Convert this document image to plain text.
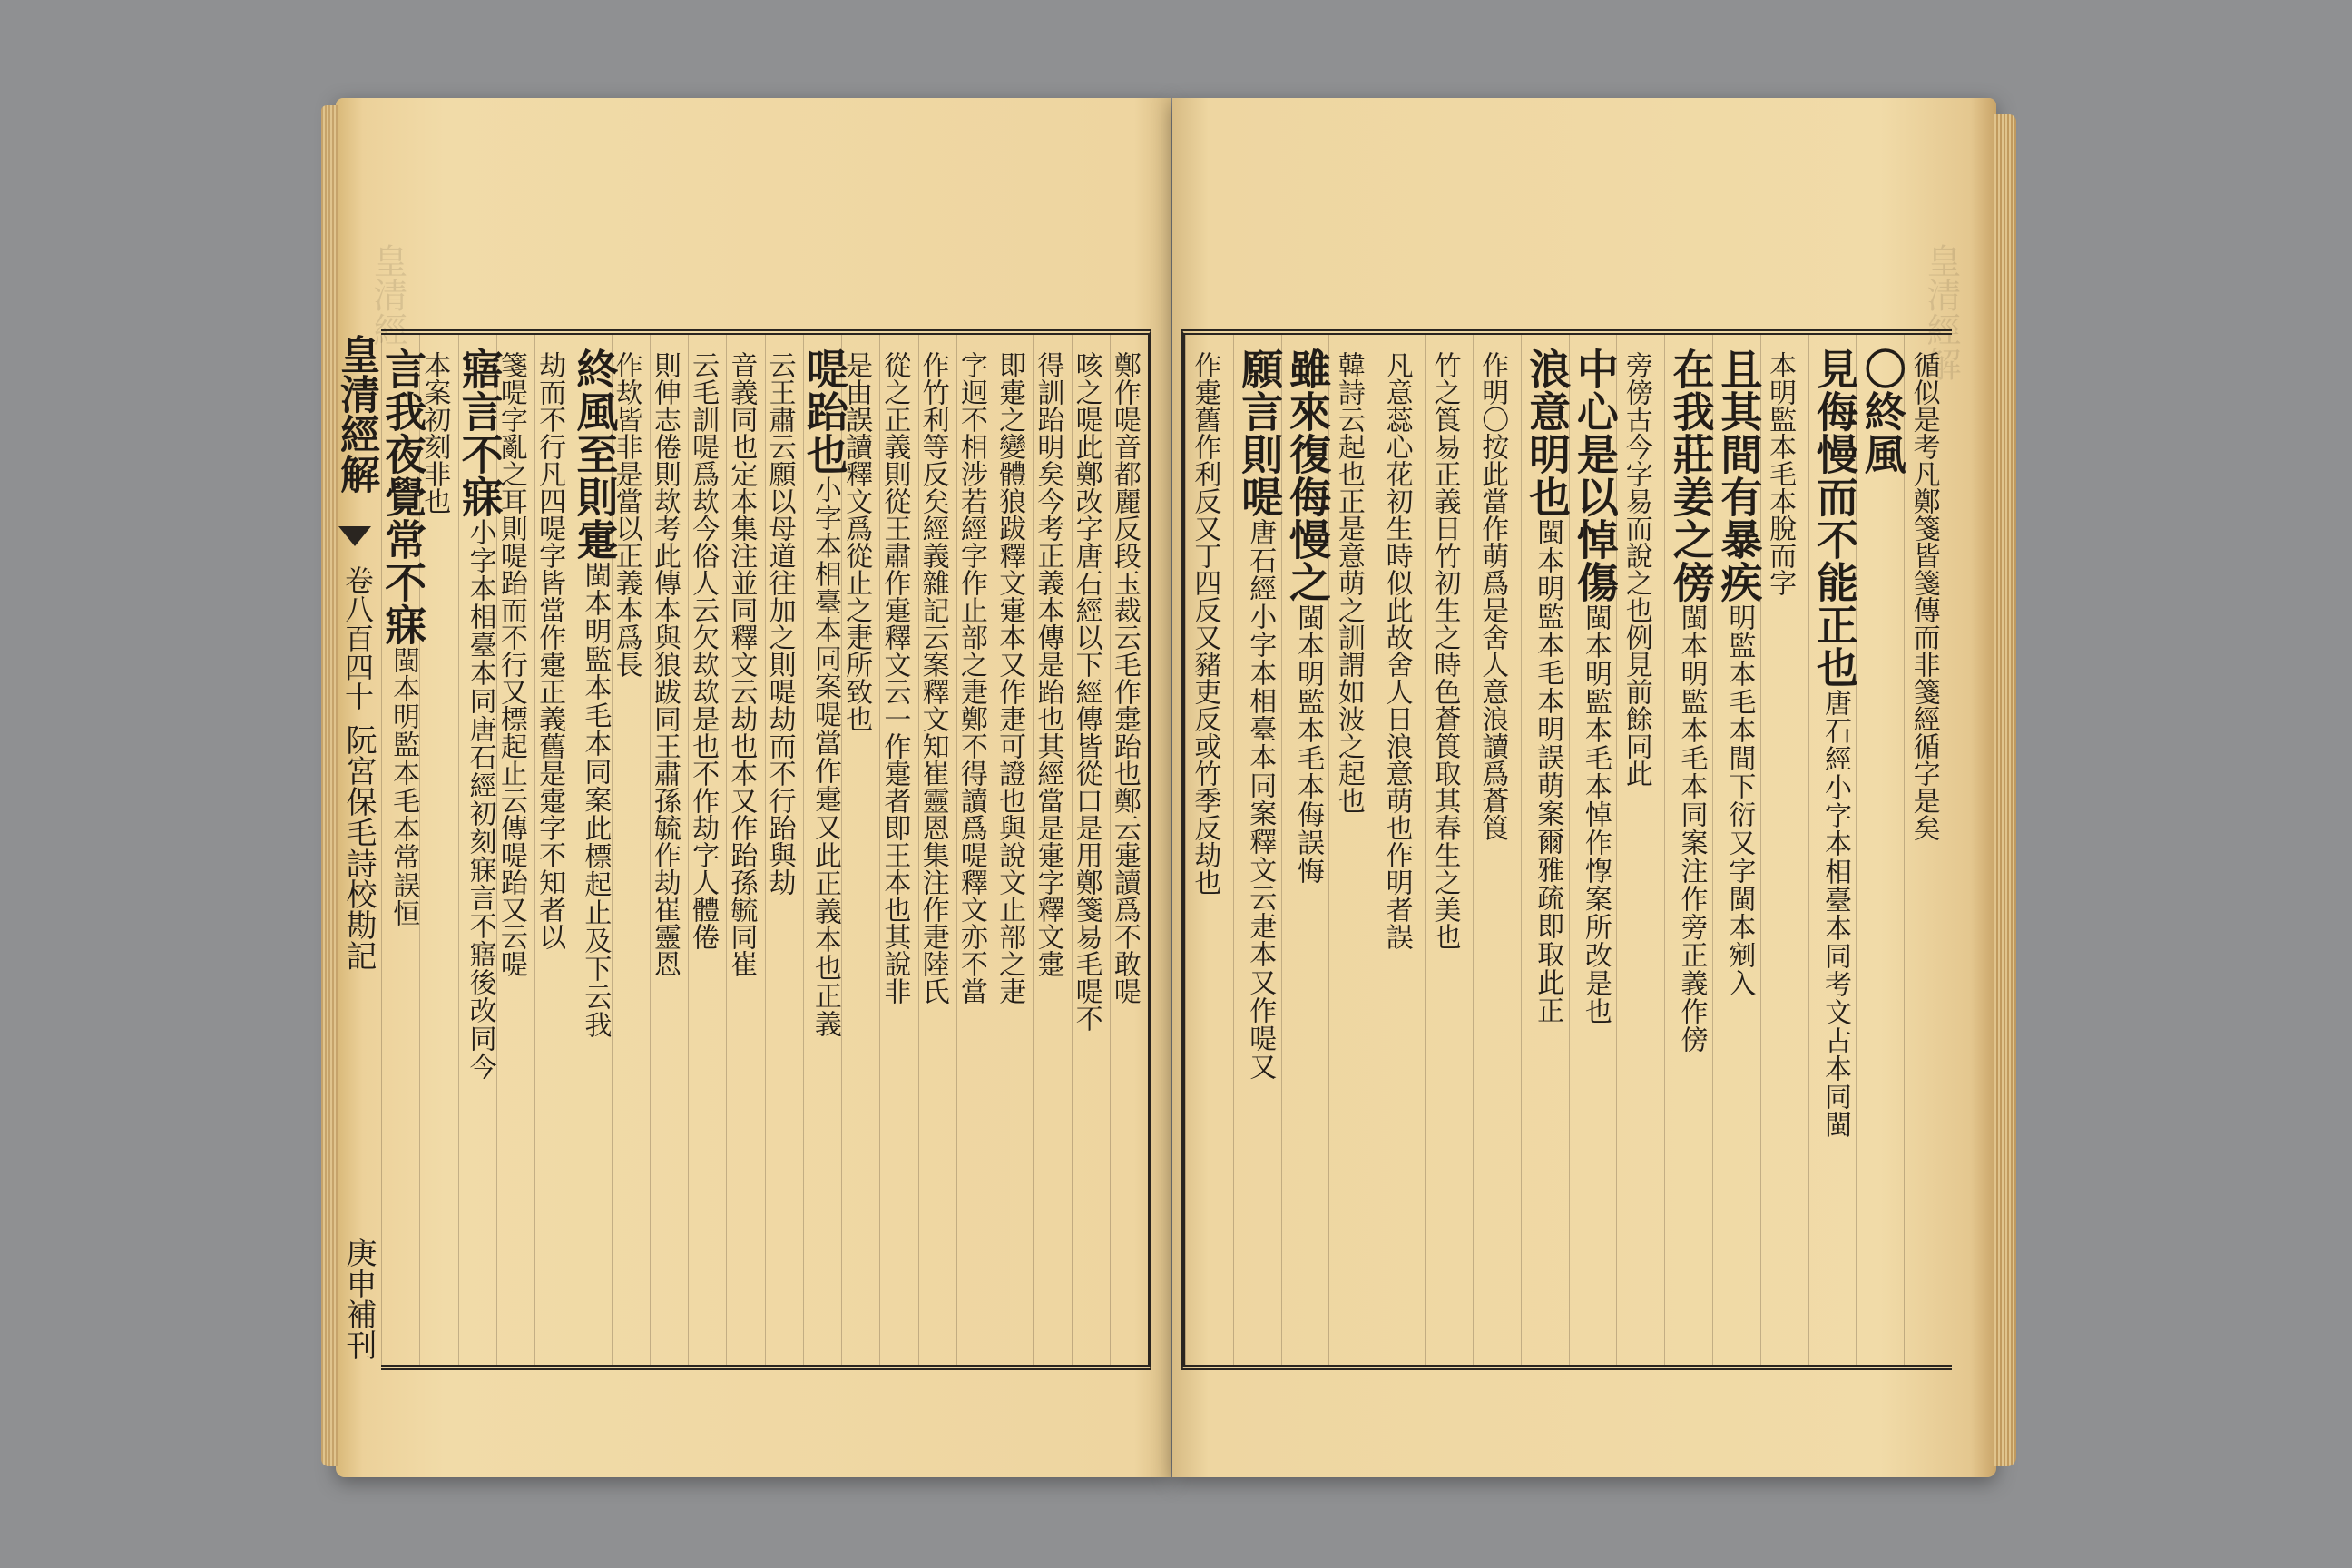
皇清經
鄭作㖷音都麗反段玉裁云毛作疐跆也鄭云疐讀爲不敢㖷
咳之㖷此鄭改字唐石經以下經傳皆從口是用鄭箋易毛㖷不
得訓跆明矣今考正義本傳是跆也其經當是疐字釋文疐
即疐之變體狼跋釋文疐本又作疌可證也與說文止部之疌
字迥不相涉若經字作止部之疌鄭不得讀爲㖷釋文亦不當
作竹利等反矣經義雜記云案釋文知崔靈恩集注作疌陸氏
從之正義則從王肅作疐釋文云一作疐者即王本也其說非
是由誤讀釋文爲從止之疌所致也
㖷跆也小字本相臺本同案㖷當作疐又此正義本也正義
云王肅云願以母道往加之則㖷劫而不行跆與劫
音義同也定本集注並同釋文云劫也本又作跆孫毓同崔
云毛訓㖷爲㰦今俗人云欠㰦㰦是也不作劫字人體倦
則伸志倦則㰦考此傳本與狼跋同王肅孫毓作劫崔靈恩
作㰦皆非是當以正義本爲長
終風至則疐閩本明監本毛本同案此標起止及下云我
劫而不行凡四㖷字皆當作疐正義舊是疐字不知者以
箋㖷字亂之耳則㖷跆而不行又標起止云傳㖷跆又云㖷
寤言不寐小字本相臺本同唐石經初刻寐言不寤後改同今
本案初刻非也
言我夜覺常不寐閩本明監本毛本常誤恒
皇清經解
卷八百四十
阮宮保毛詩校勘記
庚申補刊
皇清經解
循似是考凡鄭箋皆箋傳而非箋經循字是矣
〇終風
見侮慢而不能正也唐石經小字本相臺本同考文古本同閩
本明監本毛本脫而字
且其間有暴疾明監本毛本間下衍又字閩本剜入
在我莊姜之傍閩本明監本毛本同案注作旁正義作傍
旁傍古今字易而說之也例見前餘同此
中心是以悼傷閩本明監本毛本悼作惸案所改是也
浪意明也閩本明監本毛本明誤萌案爾雅疏即取此正
作明〇按此當作萌爲是舍人意浪讀爲蒼筤
竹之筤易正義日竹初生之時色蒼筤取其春生之美也
凡意蕊心花初生時似此故舍人日浪意萌也作明者誤
韓詩云起也正是意萌之訓謂如波之起也
雖來復侮慢之閩本明監本毛本侮誤悔
願言則㖷唐石經小字本相臺本同案釋文云疌本又作㖷又
作疐舊作利反又丁四反又豬吏反或竹季反劫也
